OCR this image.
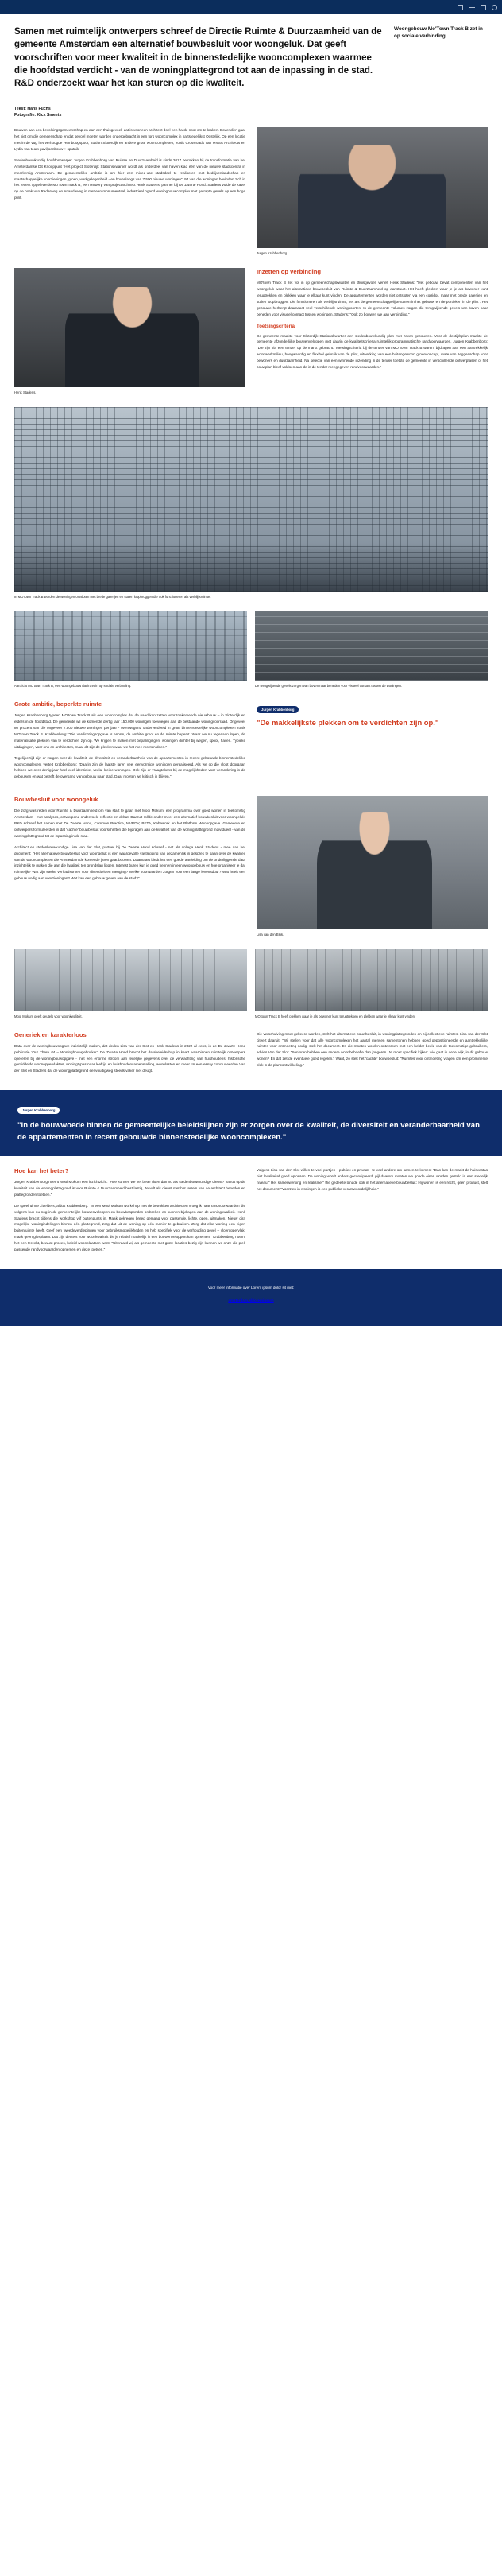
Samen met ruimtelijk ontwerpers schreef de Directie Ruimte & Duurzaamheid van de gemeente Amsterdam een alternatief bouwbesluit voor woongeluk. Dat geeft voorschriften voor meer kwaliteit in de binnenstedelijke wooncomplexen waarmee die hoofdstad verdicht - van de woningplattegrond tot aan de inpassing in de stad. R&D onderzoekt waar het kan sturen op die kwaliteit.
Tekst: Hans Fuchs
Fotografie: Kick Smeets
Woongebouw Mo'Town Track B zet in op sociale verbinding.

Bouwen aan een bevolkingsgemeenschap en aan een thuisgevoel, dat is voor een architect doel een harde noot om te kraken. Bovendien gaat het niet om die gemeenschap en dat gevoel moeten worden ondergebracht in een fors wooncomplex in hartstedelijkst Oostelijk. Op een locatie met in de vug het verhoogde Hemboogspoor, station Sloterdijk en andere grote wooncomplexen, zoals Crossroads van MVSA Architects en Lydia van team paviljoenbouw + sputnik.

Stedenbouwkundig hoofdontwerper Jurgen Krabbenborg van Ruimte en Duurzaamheid is sinds 2017 betrokken bij de transformatie van het Amsterdamse Dit Knooppunt "Het project Sloterdijk Stationskwartier wordt als onderdeel van haven klad één van de nieuwe stadscentra in meerkernig Amsterdam. De gemeentelijke ambitie is om hier een mixed-use stadsdeel te realiseren met bedrijvenlandschap en maatschappelijke voorzieningen, groen, werkgelegenheid - en bovenlangs van 7.500 nieuwe woningen". 94 van die woningen bevinden zich in het recent opgeleverde Mo'Town Track B, een ontwerp van projectarchitect Henk Stadens, partner bij De Zwarte Hond. Stadens vulde de kavel op de hoek van Radarweg en Arlandaweg in met een monumentaal, industrieel ogend woningbouwcomplex met getrapte gevels op een hoge plint.

Jurgen Krabbenborg

Henk Stadens.

Inzetten op verbinding

MO'town Track B zet vol in op gemeenschapskwaliteit en thuisgevoel, vertelt Henk Stadens: "Het gebouw bevat componenten van het woongeluk waar het alternatieve bouwbesluit van Ruimte & Duurzaamheid op aanstuurt. Het heeft plekken waar je je als bewoner kunt terugtrekken en plekken waar je elkaar kunt vinden. De appartementen worden niet ontsloten via een corridor, maar met brede galerijen en stalen loopbruggen. Die functioneren als verblijfsruimte, net als de gemeenschappelijke tuinen in het gebouw en de portieken in de plint". Het gebouwe herbergt daarnaast veel verschillende woningsoorten. In de gemeente volumes zorgen die terugwijkende gevels van boven naar beneden voor visueel contact tussen woningen. Stadens: "Ook zo bouwen we aan verbinding."

Toetsingscriteria

De gemeente maakte voor Sloterdijk Stationskwartier een stedenbouwkundig plan met zeven gebouwen. Voor de destijdsplan maakte de gemeente afzonderlijke bouwenveloppen met daarin de kwaliteitscriteria ruimtelijk-programmatische randvoorwaarden. Jurgen Krabbenborg: "Die zijn via een tender op de markt gebracht. Toetsingscriteria bij de tender van MO'Town Track B waren, bijdragen aan een aantrekkelijk woonwerkmilieu, hoogwaardig en flexibel gebruik van de plint, uitwerking van een buitengewoon groenconcept, mate van zeggenschap voor bewoners en duurzaamheid. Na selectie van een winnende inzending in de tender toetste de gemeente in verschillende ontwerpfasen of het bouwplan bleef voldoen aan de in de tender meegegeven randvoorwaarden."

In MO'town Track B worden de woningen ontsloten met brede galerijen en stalen loopbruggen die ook functioneren als verblijfsruimte.

Aanzicht MO'town Track B, een woongebouw dat inzet in op sociale verbinding.	De terugwijkende gevels zorgen van boven naar beneden voor visueel contact tussen de woningen.

Grote ambitie, beperkte ruimte

Jurgen Krabbenborg typeert MO'town Track B als een wooncomplex dat de naad kan zetten voor toekomende nieuwbouw – in Sloterdijk en elders in de hoofdstad. De gemeente wil de komende dertig jaar 150.000 woningen toevoegen aan de bestaande woningvoorraad. Ongeveer 80 procent van die ongeveer 7.500 nieuwe woningen per jaar - ovenwegend onderverdeeld in grote binnenstedelijke wooncomplexen zoals MO'town Track B. Krabbenborg: "Die verdichtingsopgave is enorm, de ambitie groot en de ruimte beperkt. Waar we nu tegenaan lopen, de materialisatie plekken van te verdichten zijn op. We krijgen te maken met bepalingingen; woningen dichter bij wegen, spoor, haven. Typieke uitdagingen, voor ons en architecten, maar dit zijn de plekken waar we het mee moeten doen."

Tegelijkertijd zijn er zorgen over de kwaliteit, de diversiteit en veranderbaarheid van de appartementen in recent gebouwde binnenstedelijke wooncomplexen, vertelt Krabbenborg: "Daarin zijn de laatste jaren veel eenvormige woningen gerealiseerd. Als we op die vloot doorgaan hebben we over dertig jaar heel veel identieke, veelal kleine woningen. Ook zijn er vraagtekens bij de mogelijkheden voor verandering in de gebouwen en wat betreft de overgang van gebouw naar stad. Daar moeten we kritisch in blijven."

Jurgen Krabbenborg

"De makkelijkste plekken om te verdichten zijn op."

Bouwbesluit voor woongeluk

Die zorg was reden voor Ruimte & Duurzaamheid om van start te gaan met Mooi Mokum, een programma over goed wonen in toekomstig Amsterdam - met analyses, ontwerpend onderzoek, reflectie en debat. Daaruit rollde onder meer een alternatief bouwbesluit voor woongeluk. R&D schreef het samen met De Zwarte Hond, Common Practice, MVRDV, BETA, Kabawork en het Platform Woonopgave. Gemeente en ontwerpers formuleerden in dat 'cachte' bouwbesluit voorschriften die bijdragen aan de kwaliteit van de woningplattegrond individueel - van de woningplattegrond tot de inpassing in de stad.

Architect en stedenbouwkundige Lisa van der Slot, partner bij De Zwarte Hond schreef - net als collega Henk Stadens - mee aan het document: "Het alternatieve bouwbesluit voor woongeluk is een waardevolle vastlegging van gezamenlijk in gesprek te gaan over de kwaliteit van de wooncomplexen die Amsterdam de komende jaren gaat bouwen. Daarnaast biedt het een goede aanleiding om de onderliggende data inzichtelijk te maken die aan die kwaliteit ten grondslag liggen. Interest buren kun je goed hennen in een woongebouw en hoe organiseer je dat ruimtelijk? Wat zijn sterke verhaalsomen voor diversiteit en menging? Welke voorwaarden zorgen voor een lange levensduur? Wat heeft een gebouw nodig aan voorzieningen? Wat kan een gebouw geven aan de stad?"

Lisa van den Blok.

Mooi Mokum geeft deutels voor woonkwaliteit.	MO'town Track B heeft plekken waar je als bewoner kunt terugtrekken en plekken waar je elkaar kunt vinden.

Generiek en karakterloos

Data over de woningbouwopgave inzichtelijk maken, dat deden Lisa van der Slot en Henk Stadens in 2022 al eens, in de De Zwarte Hond publicatie 'Our There #4 – Woningbouwgebruiker'. De Zwarte Hond bracht het databeleidschap in kaart waarbinnen ruimtelijk ontwerpers opereren bij de woningbouwopgave - met een enorme stroom aan feitelijke gegevens over de verwachting van huishoudens, historische gemiddelde woonoppervlaktes, woningtypes naar leeftijd en huishoudensamenstelling, woonlasten en meer. In een essay concludeerden Van der Slot en Stadens dat de woningplattegrond eenvoudigweg steeds vaker niet deugt.

Die verschuiving moet gekeerd worden, stelt het alternatieve bouwbesluit, in woningplattegronden en bij collectieve ruimtes. Lisa van der Slot citeert daaruit: "Wij stellen voor dat alle wooncomplexen het aantal mensen samentonen hebben goed gepositioneerde en aantrekkelijke ruimtes voor ontmoeting nodig, stelt het document. En die moeten worden ontworpen met een helder beeld van de toekomstige gebruikers, advies Van der Slot: "Senioren hebben een andere woonbehoefte dan jongeren. Je moet specifiek kijken: wie gaat in deze wijk, in dit gebouw wonen? En dat zet de eventuele goed regelen." Want, zo stelt het 'cachte' bouwbesluit: "Ruimtes voor ontmoeting vragen om een prominente plek in de plancontwikkeling."

Jurgen Krabbenborg

"In de bouwwoede binnen de gemeentelijke beleidslijnen zijn er zorgen over de kwaliteit, de diversiteit en veranderbaarheid van de appartementen in recent gebouwde binnenstedelijke wooncomplexen."

Hoe kan het beter?

Jurgen Krabbenborg noemt Mooi Mokum een inzichtzicht: "Hoe kunnen we het beter doen dan nu als stedenbouwkundige dienst? Vanuit op de kwaliteit van de woningplattegrond is voor Ruimte & Duurzaamheid best lastig, Je wilt als dienst met het terrein van de architect beneden en plattegronden toetsen."

De speelruimte zit elders, aldus Krabbenborg: "In een Mooi Mokum workshop met de betrokken architecten vroeg ik naar randvoorwaarden die volgens hun nu nog in de gemeentelijke bouwenveloppen en bouwbesponden ontbreken en kunnen bijdragen aan de woningkwaliteit. Henk Stadens bracht tijdens die workshop vijf buitenpunts in. Maak gekregen breed gemaag voor passende, lichte, open, uitmaken. Nieuw dira mogelijke woningindelingen binnen één plattegrond, zorg dat uit de woning op één manier te gebruiken. Zorg dat elke woning een eigen buitenruimte heeft. Geef een tweedeverdiepingen voor gebruiksmogelijkheden en heb specifiek voor de verhouding gevel – vloeroppervlak, maak geen gipsplaten. Dat zijn deutels voor woonkwaliteit die je relatief makkelijk in een bouwenvelopport kan opnemen." Krabbenborg noemt het een terecht, bewust proces, beleid woonplaatsen want: "Uiteraard wij als gemeente met grote locaties bezig zijn kunnen we onze die plek passende randvoorwaarden opnemen en deze toetsen."

Volgens Lisa van den Slot willen te veel partijen - publiek en privaat - te veel andere om samen te komen: "Dan kan de markt de huisvestas niet kwaliteitef goed oplossen. De woning wordt anders geconcipieerd, pijl daarom moeten we goede eisen worden gesteld in een stedelijk niveau." Het samenwerking en realisme," the gedeelte landde ook in het alternatieve bouwbesluit: Hij wonen is een recht, geen product, stelt het document: "Voorzien in woningen is een publieke verantwoordelijkheid."

Voor meer informatie over Lorem ipsum dolor sit met:
amsterdam.nl/loremipsum
